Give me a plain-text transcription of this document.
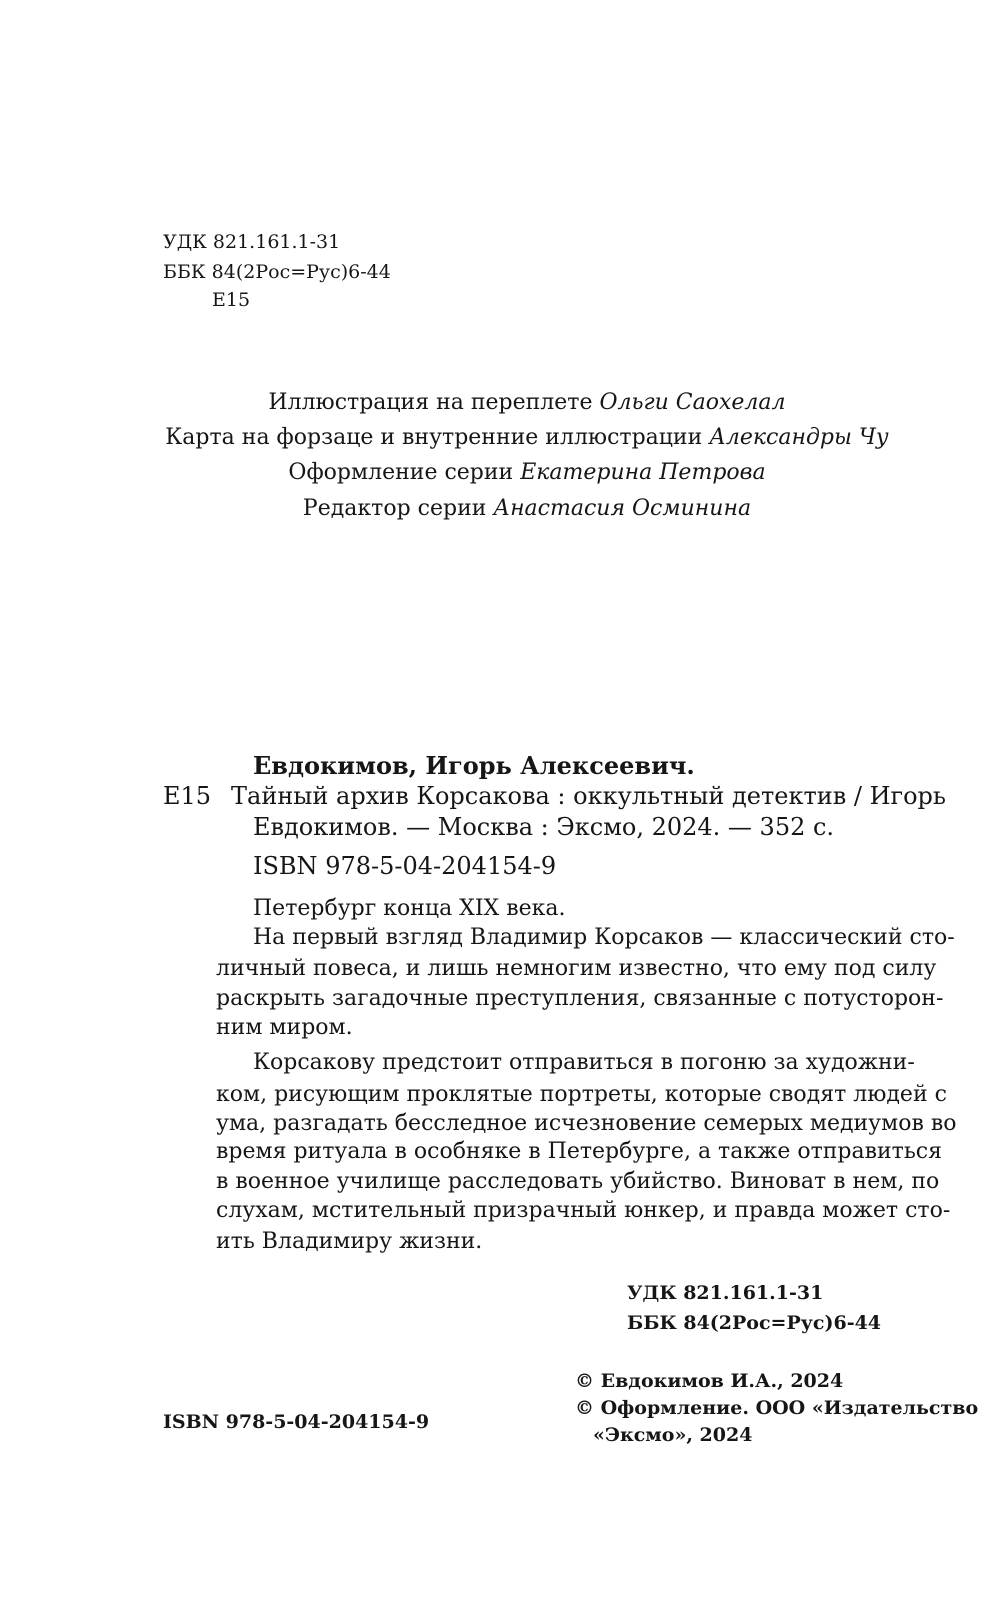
УДК 821.161.1-31
ББК 84(2Рос=Рус)6-44
Е15
Иллюстрация на переплете Ольги Саохелал
Карта на форзаце и внутренние иллюстрации Александры Чу
Оформление серии Екатерина Петрова
Редактор серии Анастасия Осминина
Евдокимов, Игорь Алексеевич.
Е15 Тайный архив Корсакова : оккультный детектив / Игорь
Евдокимов. — Москва : Эксмо, 2024. — 352 с.
ISBN 978-5-04-204154-9
Петербург конца XIX века.
На первый взгляд Владимир Корсаков — классический сто-
личный повеса, и лишь немногим известно, что ему под силу
раскрыть загадочные преступления, связанные с потусторон-
ним миром.
Корсакову предстоит отправиться в погоню за художни-
ком, рисующим проклятые портреты, которые сводят людей с
ума, разгадать бесследное исчезновение семерых медиумов во
время ритуала в особняке в Петербурге, а также отправиться
в военное училище расследовать убийство. Виноват в нем, по
слухам, мстительный призрачный юнкер, и правда может сто-
ить Владимиру жизни.
УДК 821.161.1-31
ББК 84(2Рос=Рус)6-44
© Евдокимов И.А., 2024
© Оформление. ООО «Издательство
«Эксмо», 2024
ISBN 978-5-04-204154-9
